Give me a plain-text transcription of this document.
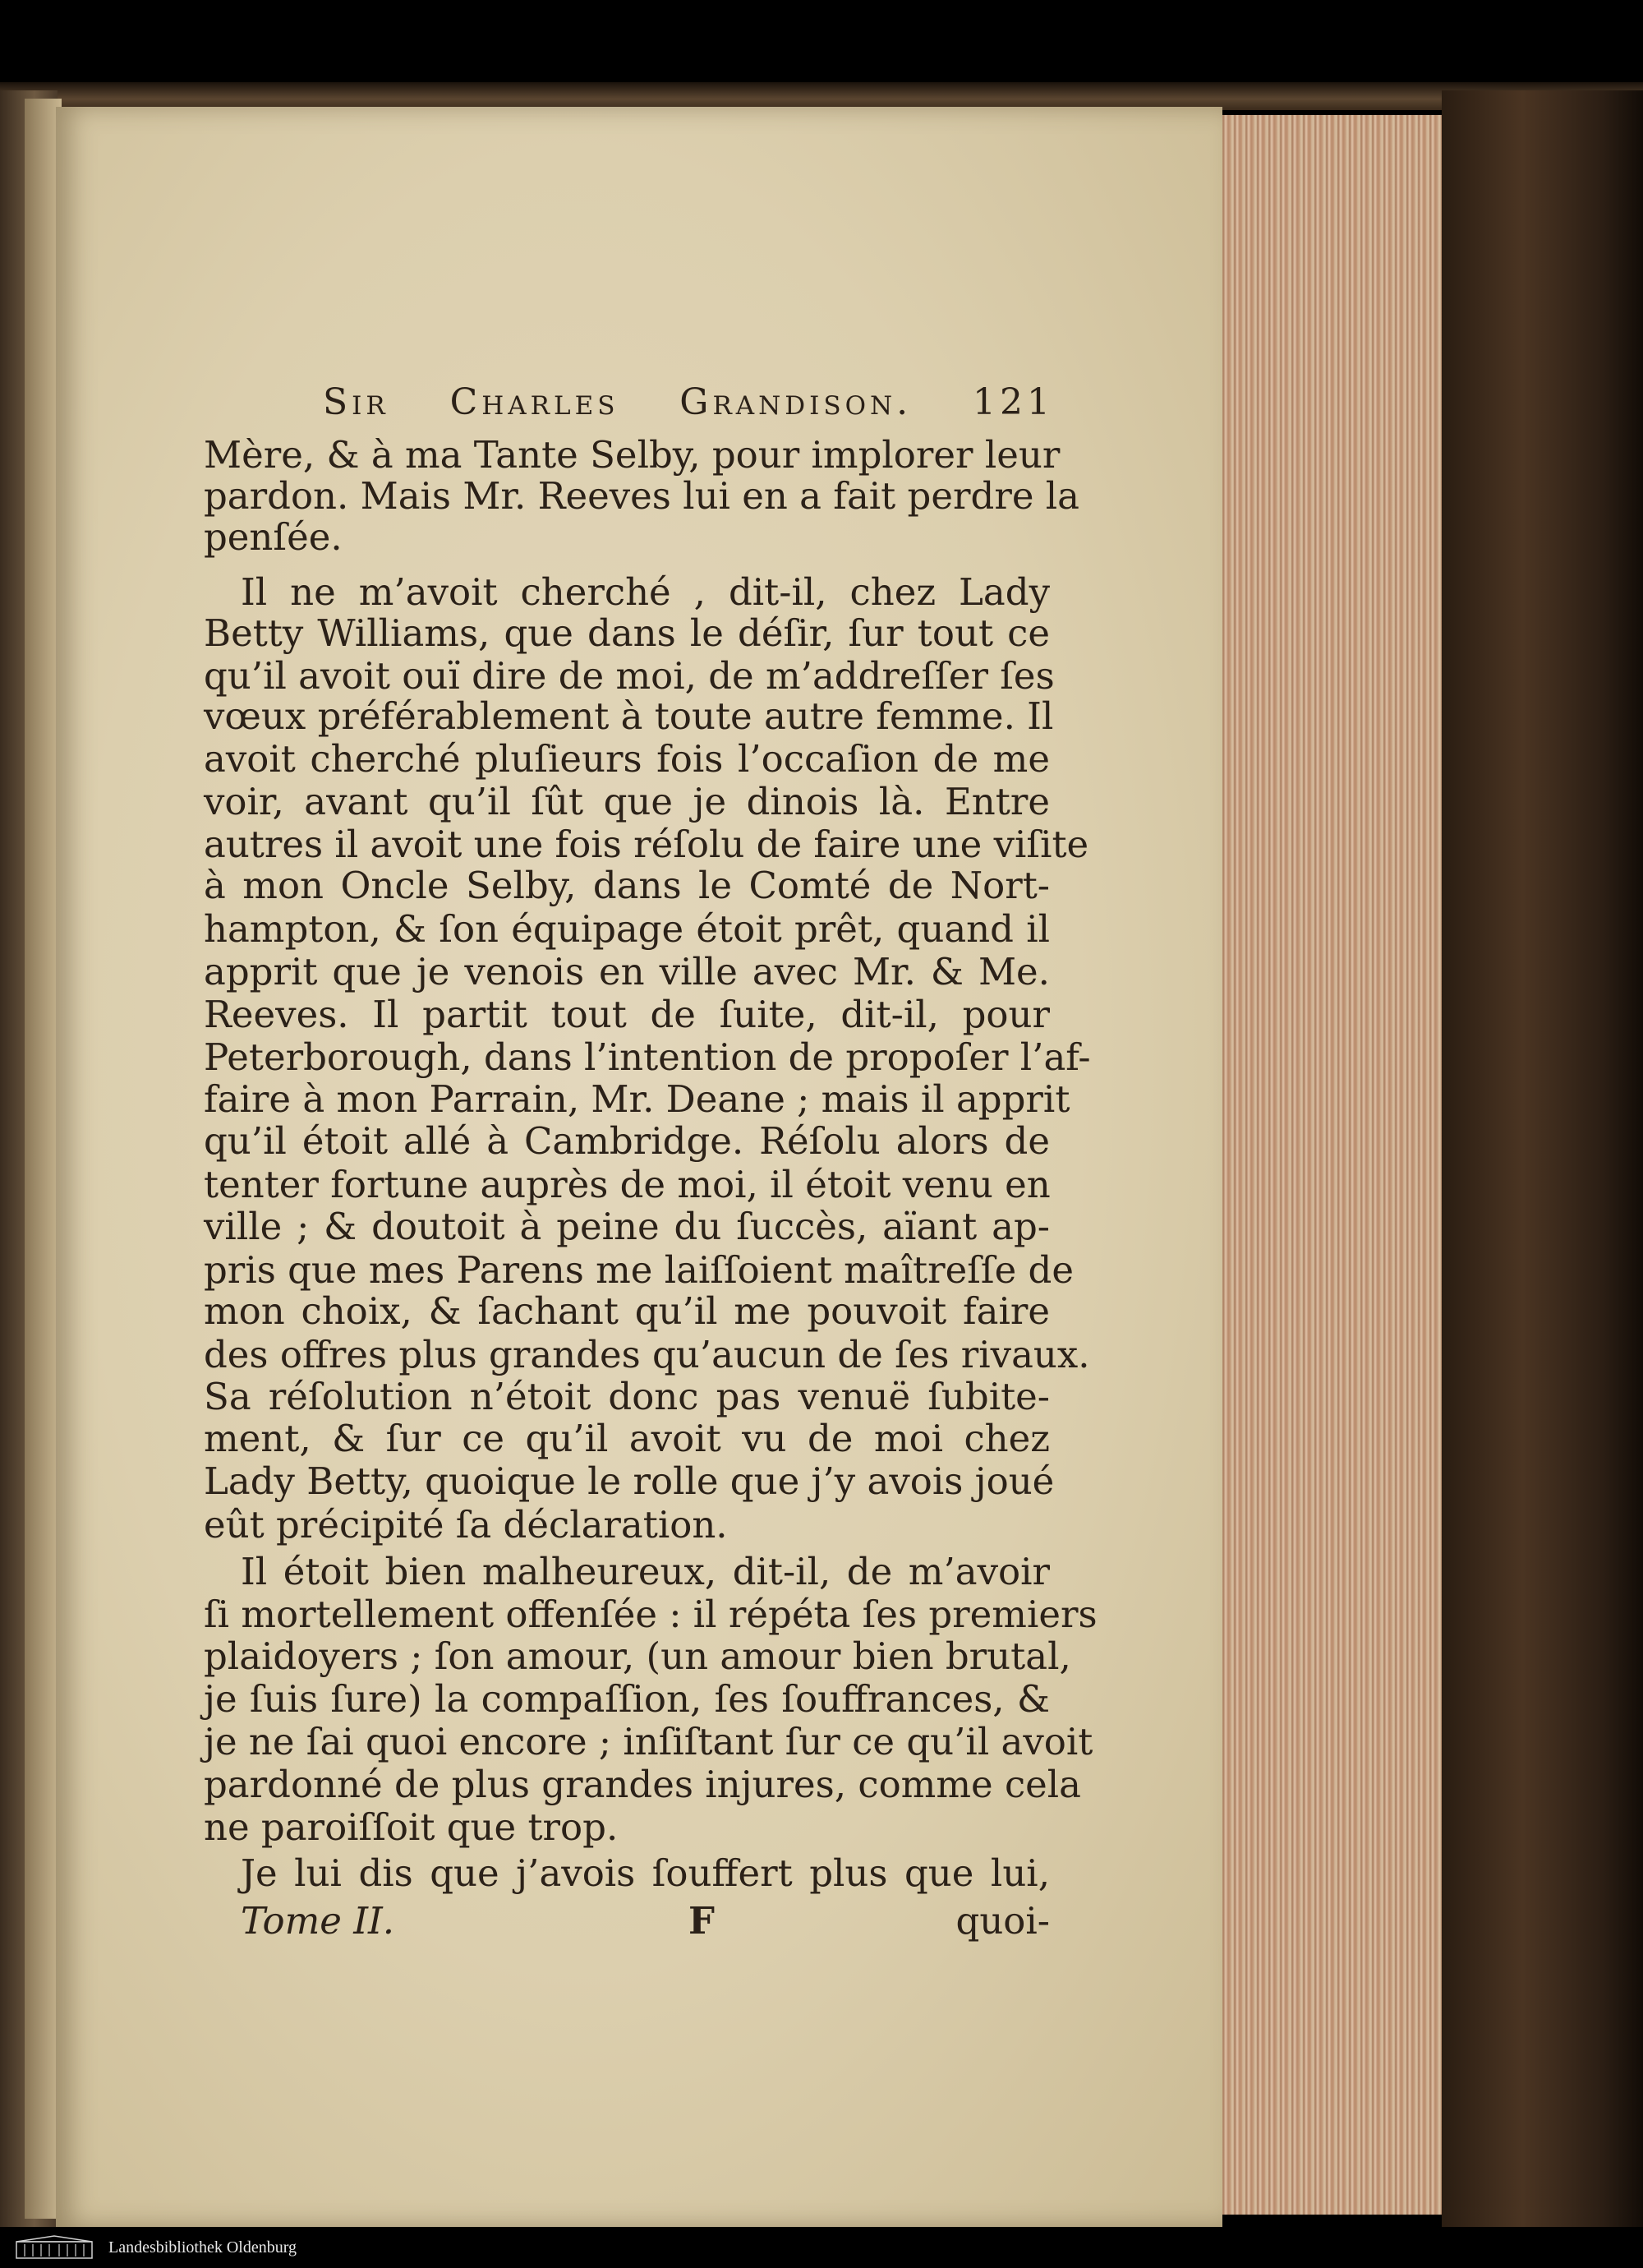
Sir Charles Grandison. 121
Mère, & à ma Tante Selby, pour implorer leur
pardon. Mais Mr. Reeves lui en a fait perdre la
penſée.
Il ne m’avoit cherché , dit-il, chez Lady
Betty Williams, que dans le déſir, ſur tout ce
qu’il avoit ouï dire de moi, de m’addreſſer ſes
vœux préférablement à toute autre femme. Il
avoit cherché pluſieurs fois l’occaſion de me
voir, avant qu’il ſût que je dinois là. Entre
autres il avoit une fois réſolu de faire une viſite
à mon Oncle Selby, dans le Comté de Nort-
hampton, & ſon équipage étoit prêt, quand il
apprit que je venois en ville avec Mr. & Me.
Reeves. Il partit tout de ſuite, dit-il, pour
Peterborough, dans l’intention de propoſer l’af-
faire à mon Parrain, Mr. Deane ; mais il apprit
qu’il étoit allé à Cambridge. Réſolu alors de
tenter fortune auprès de moi, il étoit venu en
ville ; & doutoit à peine du ſuccès, aïant ap-
pris que mes Parens me laiſſoient maîtreſſe de
mon choix, & ſachant qu’il me pouvoit faire
des offres plus grandes qu’aucun de ſes rivaux.
Sa réſolution n’étoit donc pas venuë ſubite-
ment, & ſur ce qu’il avoit vu de moi chez
Lady Betty, quoique le rolle que j’y avois joué
eût précipité ſa déclaration.
Il étoit bien malheureux, dit-il, de m’avoir
ſi mortellement offenſée : il répéta ſes premiers
plaidoyers ; ſon amour, (un amour bien brutal,
je ſuis ſure) la compaſſion, ſes ſouffrances, &
je ne ſai quoi encore ; inſiſtant ſur ce qu’il avoit
pardonné de plus grandes injures, comme cela
ne paroiſſoit que trop.
Je lui dis que j’avois ſouffert plus que lui,
Tome II.	F	quoi-
Landesbibliothek Oldenburg
